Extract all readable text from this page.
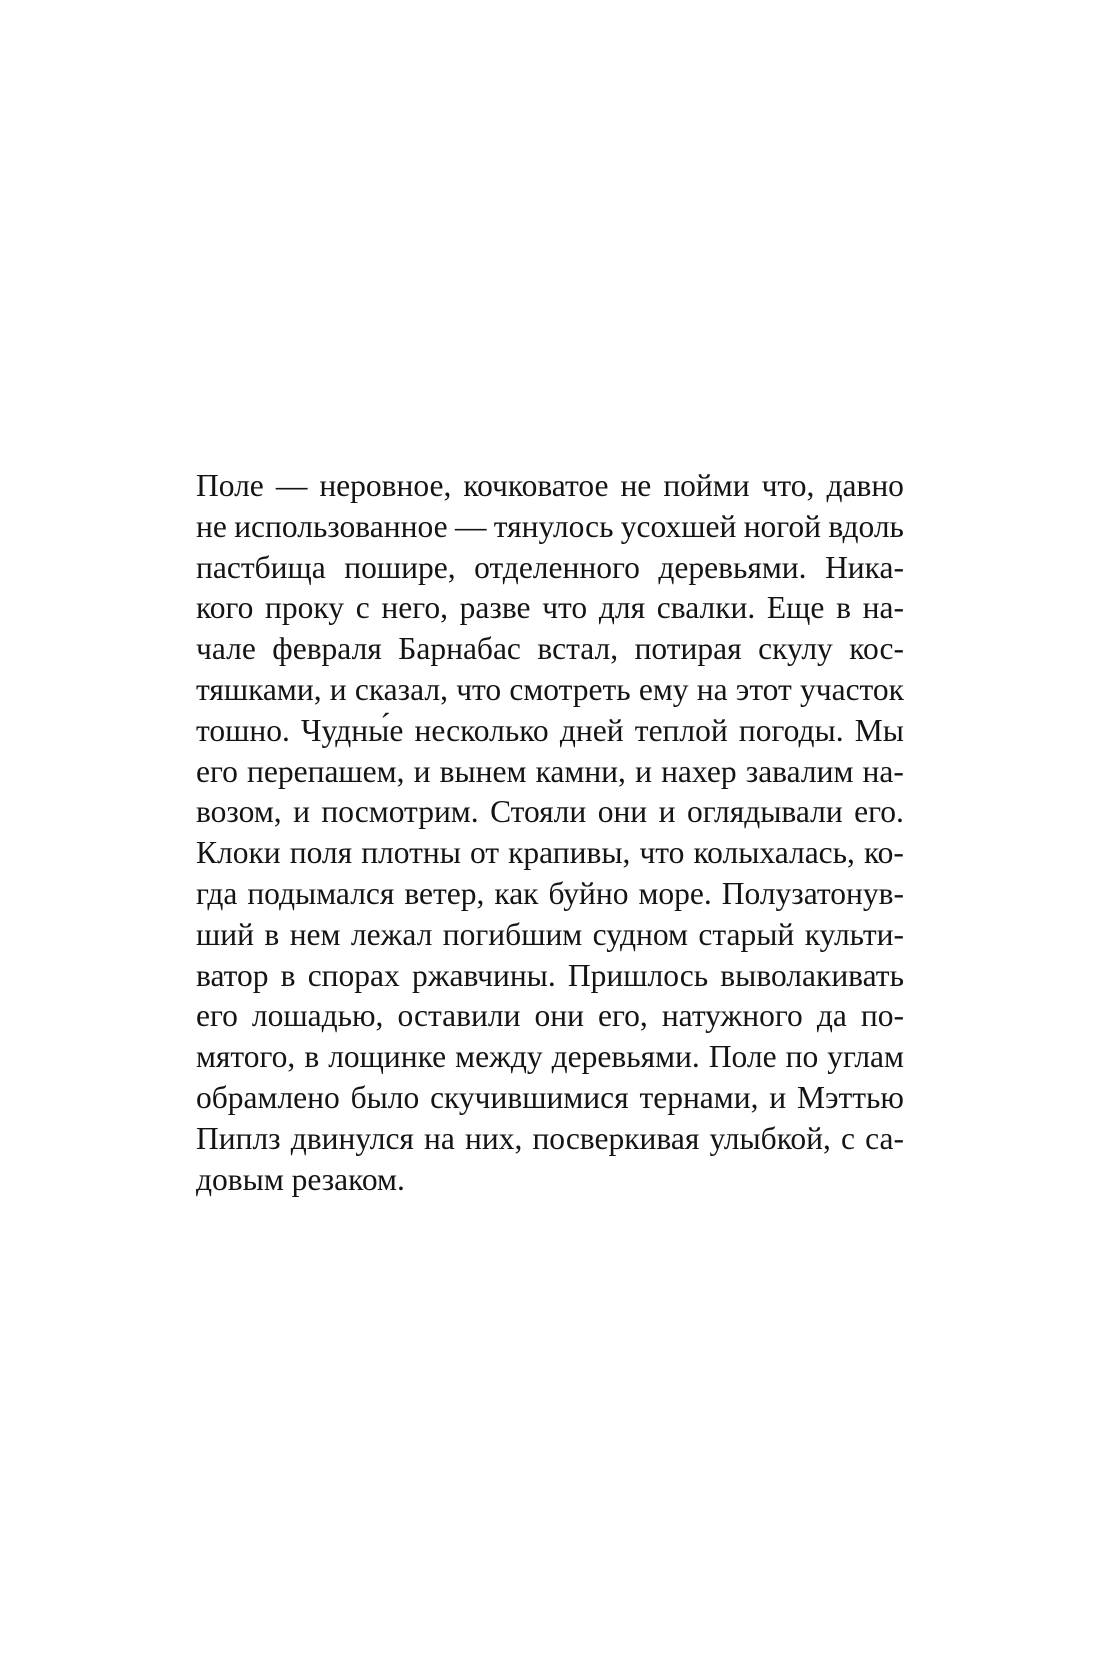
Поле — неровное, кочковатое не пойми что, давно
не использованное — тянулось усохшей ногой вдоль
пастбища пошире, отделенного деревьями. Ника-
кого проку с него, разве что для свалки. Еще в на-
чале февраля Барнабас встал, потирая скулу кос-
тяшками, и сказал, что смотреть ему на этот участок
тошно. Чудны́е несколько дней теплой погоды. Мы
его перепашем, и вынем камни, и нахер завалим на-
возом, и посмотрим. Стояли они и оглядывали его.
Клоки поля плотны от крапивы, что колыхалась, ко-
гда подымался ветер, как буйно море. Полузатонув-
ший в нем лежал погибшим судном старый культи-
ватор в спорах ржавчины. Пришлось выволакивать
его лошадью, оставили они его, натужного да по-
мятого, в лощинке между деревьями. Поле по углам
обрамлено было скучившимися тернами, и Мэттью
Пиплз двинулся на них, посверкивая улыбкой, с са-
довым резаком.
